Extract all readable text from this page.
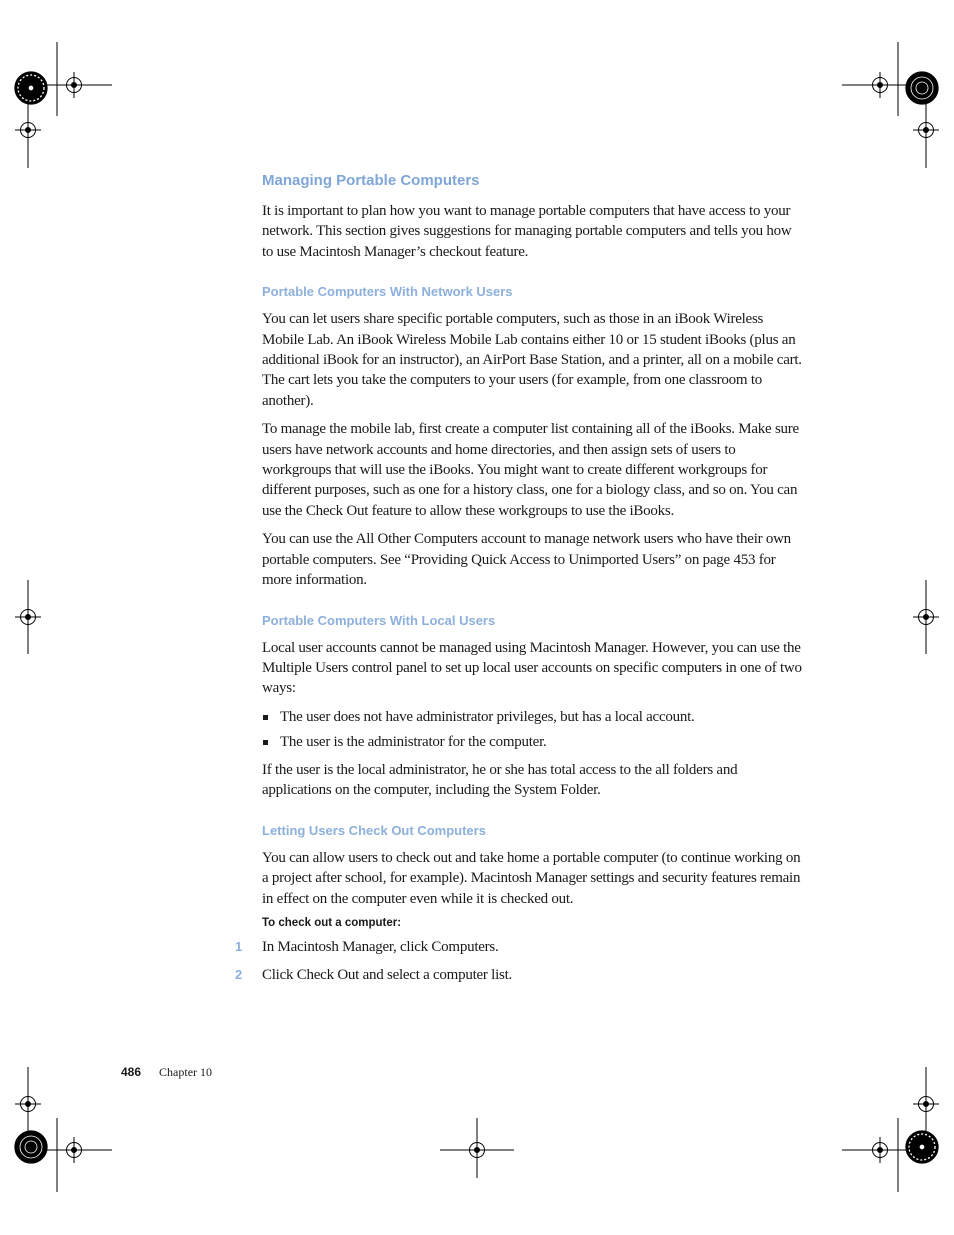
Managing Portable Computers

It is important to plan how you want to manage portable computers that have access to your network. This section gives suggestions for managing portable computers and tells you how to use Macintosh Manager’s checkout feature.

Portable Computers With Network Users

You can let users share specific portable computers, such as those in an iBook Wireless Mobile Lab. An iBook Wireless Mobile Lab contains either 10 or 15 student iBooks (plus an additional iBook for an instructor), an AirPort Base Station, and a printer, all on a mobile cart. The cart lets you take the computers to your users (for example, from one classroom to another).

To manage the mobile lab, first create a computer list containing all of the iBooks. Make sure users have network accounts and home directories, and then assign sets of users to workgroups that will use the iBooks. You might want to create different workgroups for different purposes, such as one for a history class, one for a biology class, and so on. You can use the Check Out feature to allow these workgroups to use the iBooks.

You can use the All Other Computers account to manage network users who have their own portable computers. See “Providing Quick Access to Unimported Users” on page 453 for more information.

Portable Computers With Local Users

Local user accounts cannot be managed using Macintosh Manager. However, you can use the Multiple Users control panel to set up local user accounts on specific computers in one of two ways:

The user does not have administrator privileges, but has a local account.
The user is the administrator for the computer.

If the user is the local administrator, he or she has total access to the all folders and applications on the computer, including the System Folder.

Letting Users Check Out Computers

You can allow users to check out and take home a portable computer (to continue working on a project after school, for example). Macintosh Manager settings and security features remain in effect on the computer even while it is checked out.

To check out a computer:
1 In Macintosh Manager, click Computers.
2 Click Check Out and select a computer list.
486 Chapter 10
